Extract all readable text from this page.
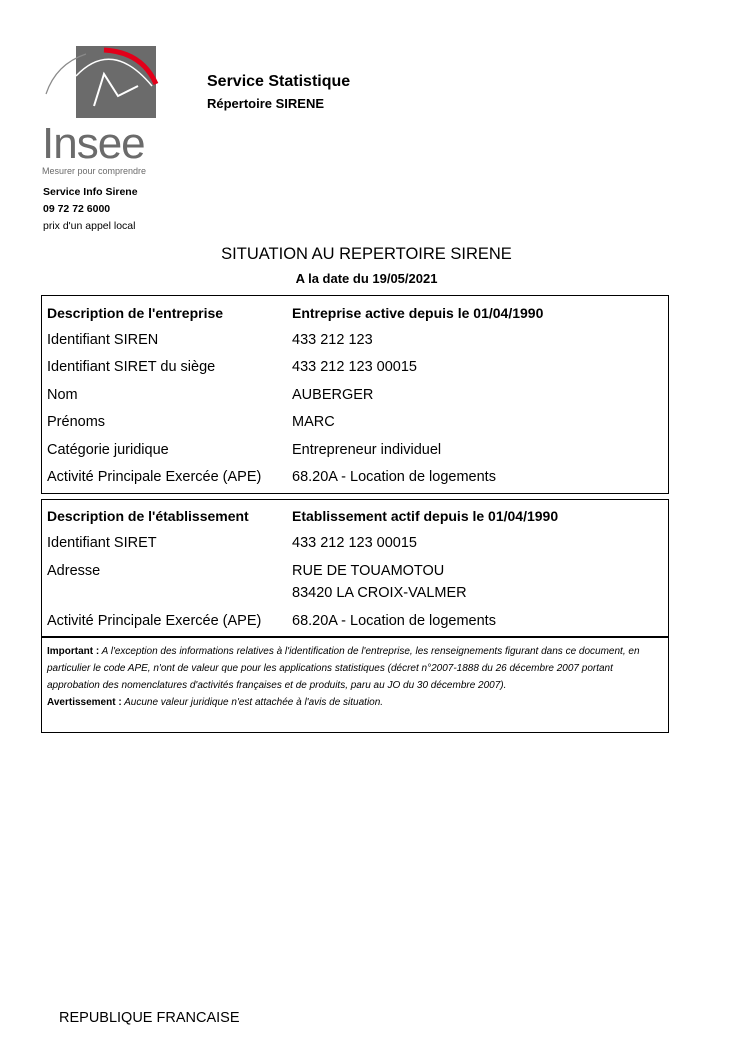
Insee
Mesurer pour comprendre
Service Statistique
Répertoire SIRENE
Service Info Sirene
09 72 72 6000
prix d'un appel local
SITUATION AU REPERTOIRE SIRENE
A la date du 19/05/2021
Description de l'entreprise	Entreprise active depuis le 01/04/1990
Identifiant SIREN	433 212 123
Identifiant SIRET du siège	433 212 123 00015
Nom	AUBERGER
Prénoms	MARC
Catégorie juridique	Entrepreneur individuel
Activité Principale Exercée (APE) 68.20A - Location de logements
Description de l'établissement	Etablissement actif depuis le 01/04/1990
Identifiant SIRET	433 212 123 00015
Adresse	RUE DE TOUAMOTOU
83420 LA CROIX-VALMER
Activité Principale Exercée (APE) 68.20A - Location de logements
Important : A l'exception des informations relatives à l'identification de l'entreprise, les renseignements figurant dans ce document, en particulier le code APE, n'ont de valeur que pour les applications statistiques (décret n°2007-1888 du 26 décembre 2007 portant approbation des nomenclatures d'activités françaises et de produits, paru au JO du 30 décembre 2007).
Avertissement : Aucune valeur juridique n'est attachée à l'avis de situation.
REPUBLIQUE FRANCAISE
